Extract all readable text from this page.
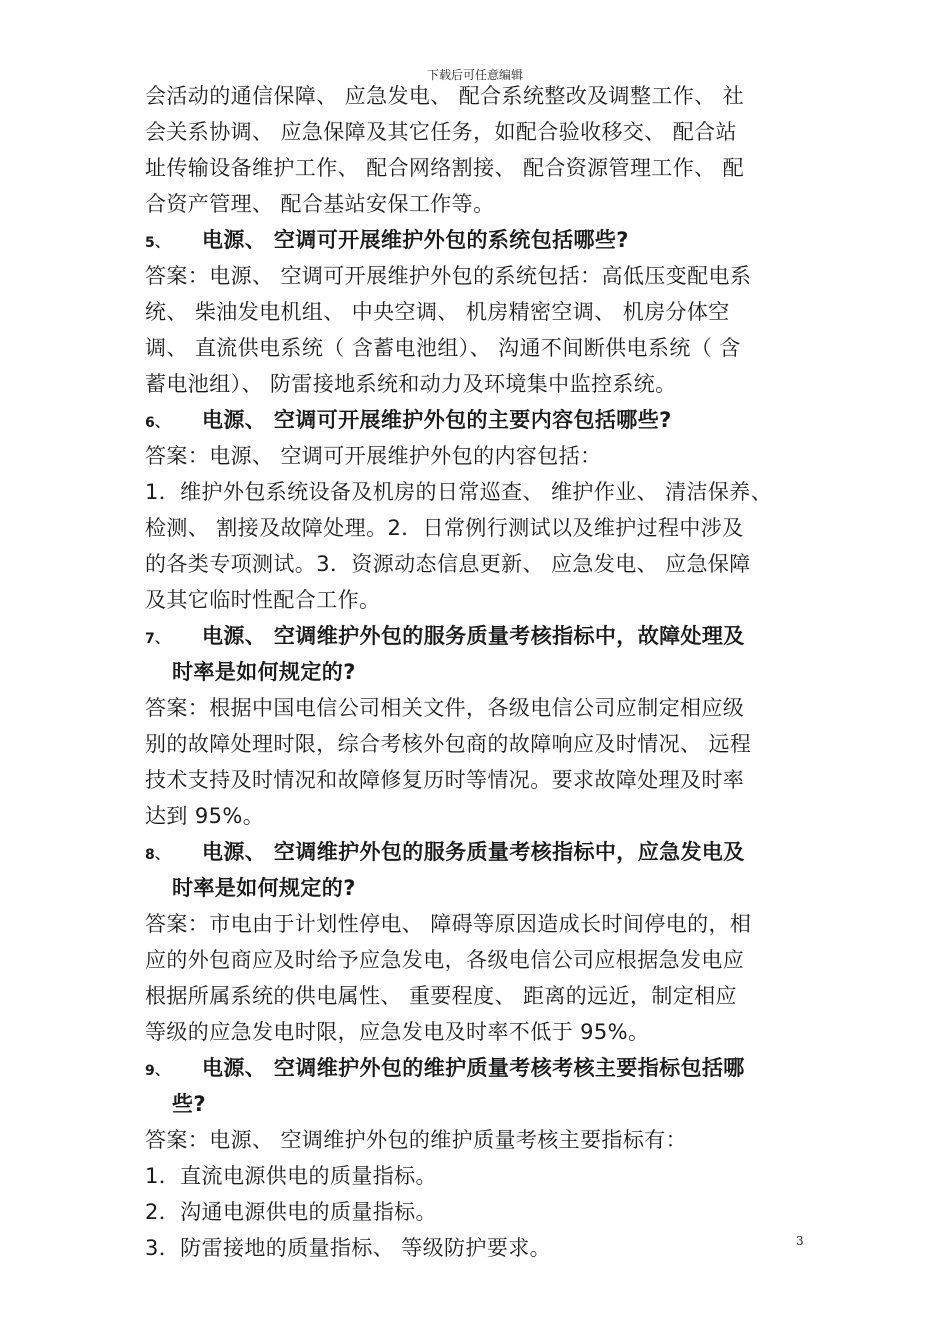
下载后可任意编辑
会活动的通信保障、 应急发电、 配合系统整改及调整工作、 社
会关系协调、 应急保障及其它任务，如配合验收移交、 配合站
址传输设备维护工作、 配合网络割接、 配合资源管理工作、 配
合资产管理、 配合基站安保工作等。
5、 电源、 空调可开展维护外包的系统包括哪些?
答案：电源、 空调可开展维护外包的系统包括：高低压变配电系
统、 柴油发电机组、 中央空调、 机房精密空调、 机房分体空
调、 直流供电系统（ 含蓄电池组）、 沟通不间断供电系统（ 含
蓄电池组）、 防雷接地系统和动力及环境集中监控系统。
6、 电源、 空调可开展维护外包的主要内容包括哪些?
答案：电源、 空调可开展维护外包的内容包括：
1．维护外包系统设备及机房的日常巡查、 维护作业、 清洁保养、
检测、 割接及故障处理。2．日常例行测试以及维护过程中涉及
的各类专项测试。3．资源动态信息更新、 应急发电、 应急保障
及其它临时性配合工作。
7、 电源、 空调维护外包的服务质量考核指标中，故障处理及
时率是如何规定的?
答案：根据中国电信公司相关文件，各级电信公司应制定相应级
别的故障处理时限，综合考核外包商的故障响应及时情况、 远程
技术支持及时情况和故障修复历时等情况。要求故障处理及时率
达到 95%。
8、 电源、 空调维护外包的服务质量考核指标中，应急发电及
时率是如何规定的?
答案：市电由于计划性停电、 障碍等原因造成长时间停电的，相
应的外包商应及时给予应急发电，各级电信公司应根据急发电应
根据所属系统的供电属性、 重要程度、 距离的远近，制定相应
等级的应急发电时限，应急发电及时率不低于 95%。
9、 电源、 空调维护外包的维护质量考核考核主要指标包括哪
些?
答案：电源、 空调维护外包的维护质量考核主要指标有：
1．直流电源供电的质量指标。
2．沟通电源供电的质量指标。
3．防雷接地的质量指标、 等级防护要求。	3
